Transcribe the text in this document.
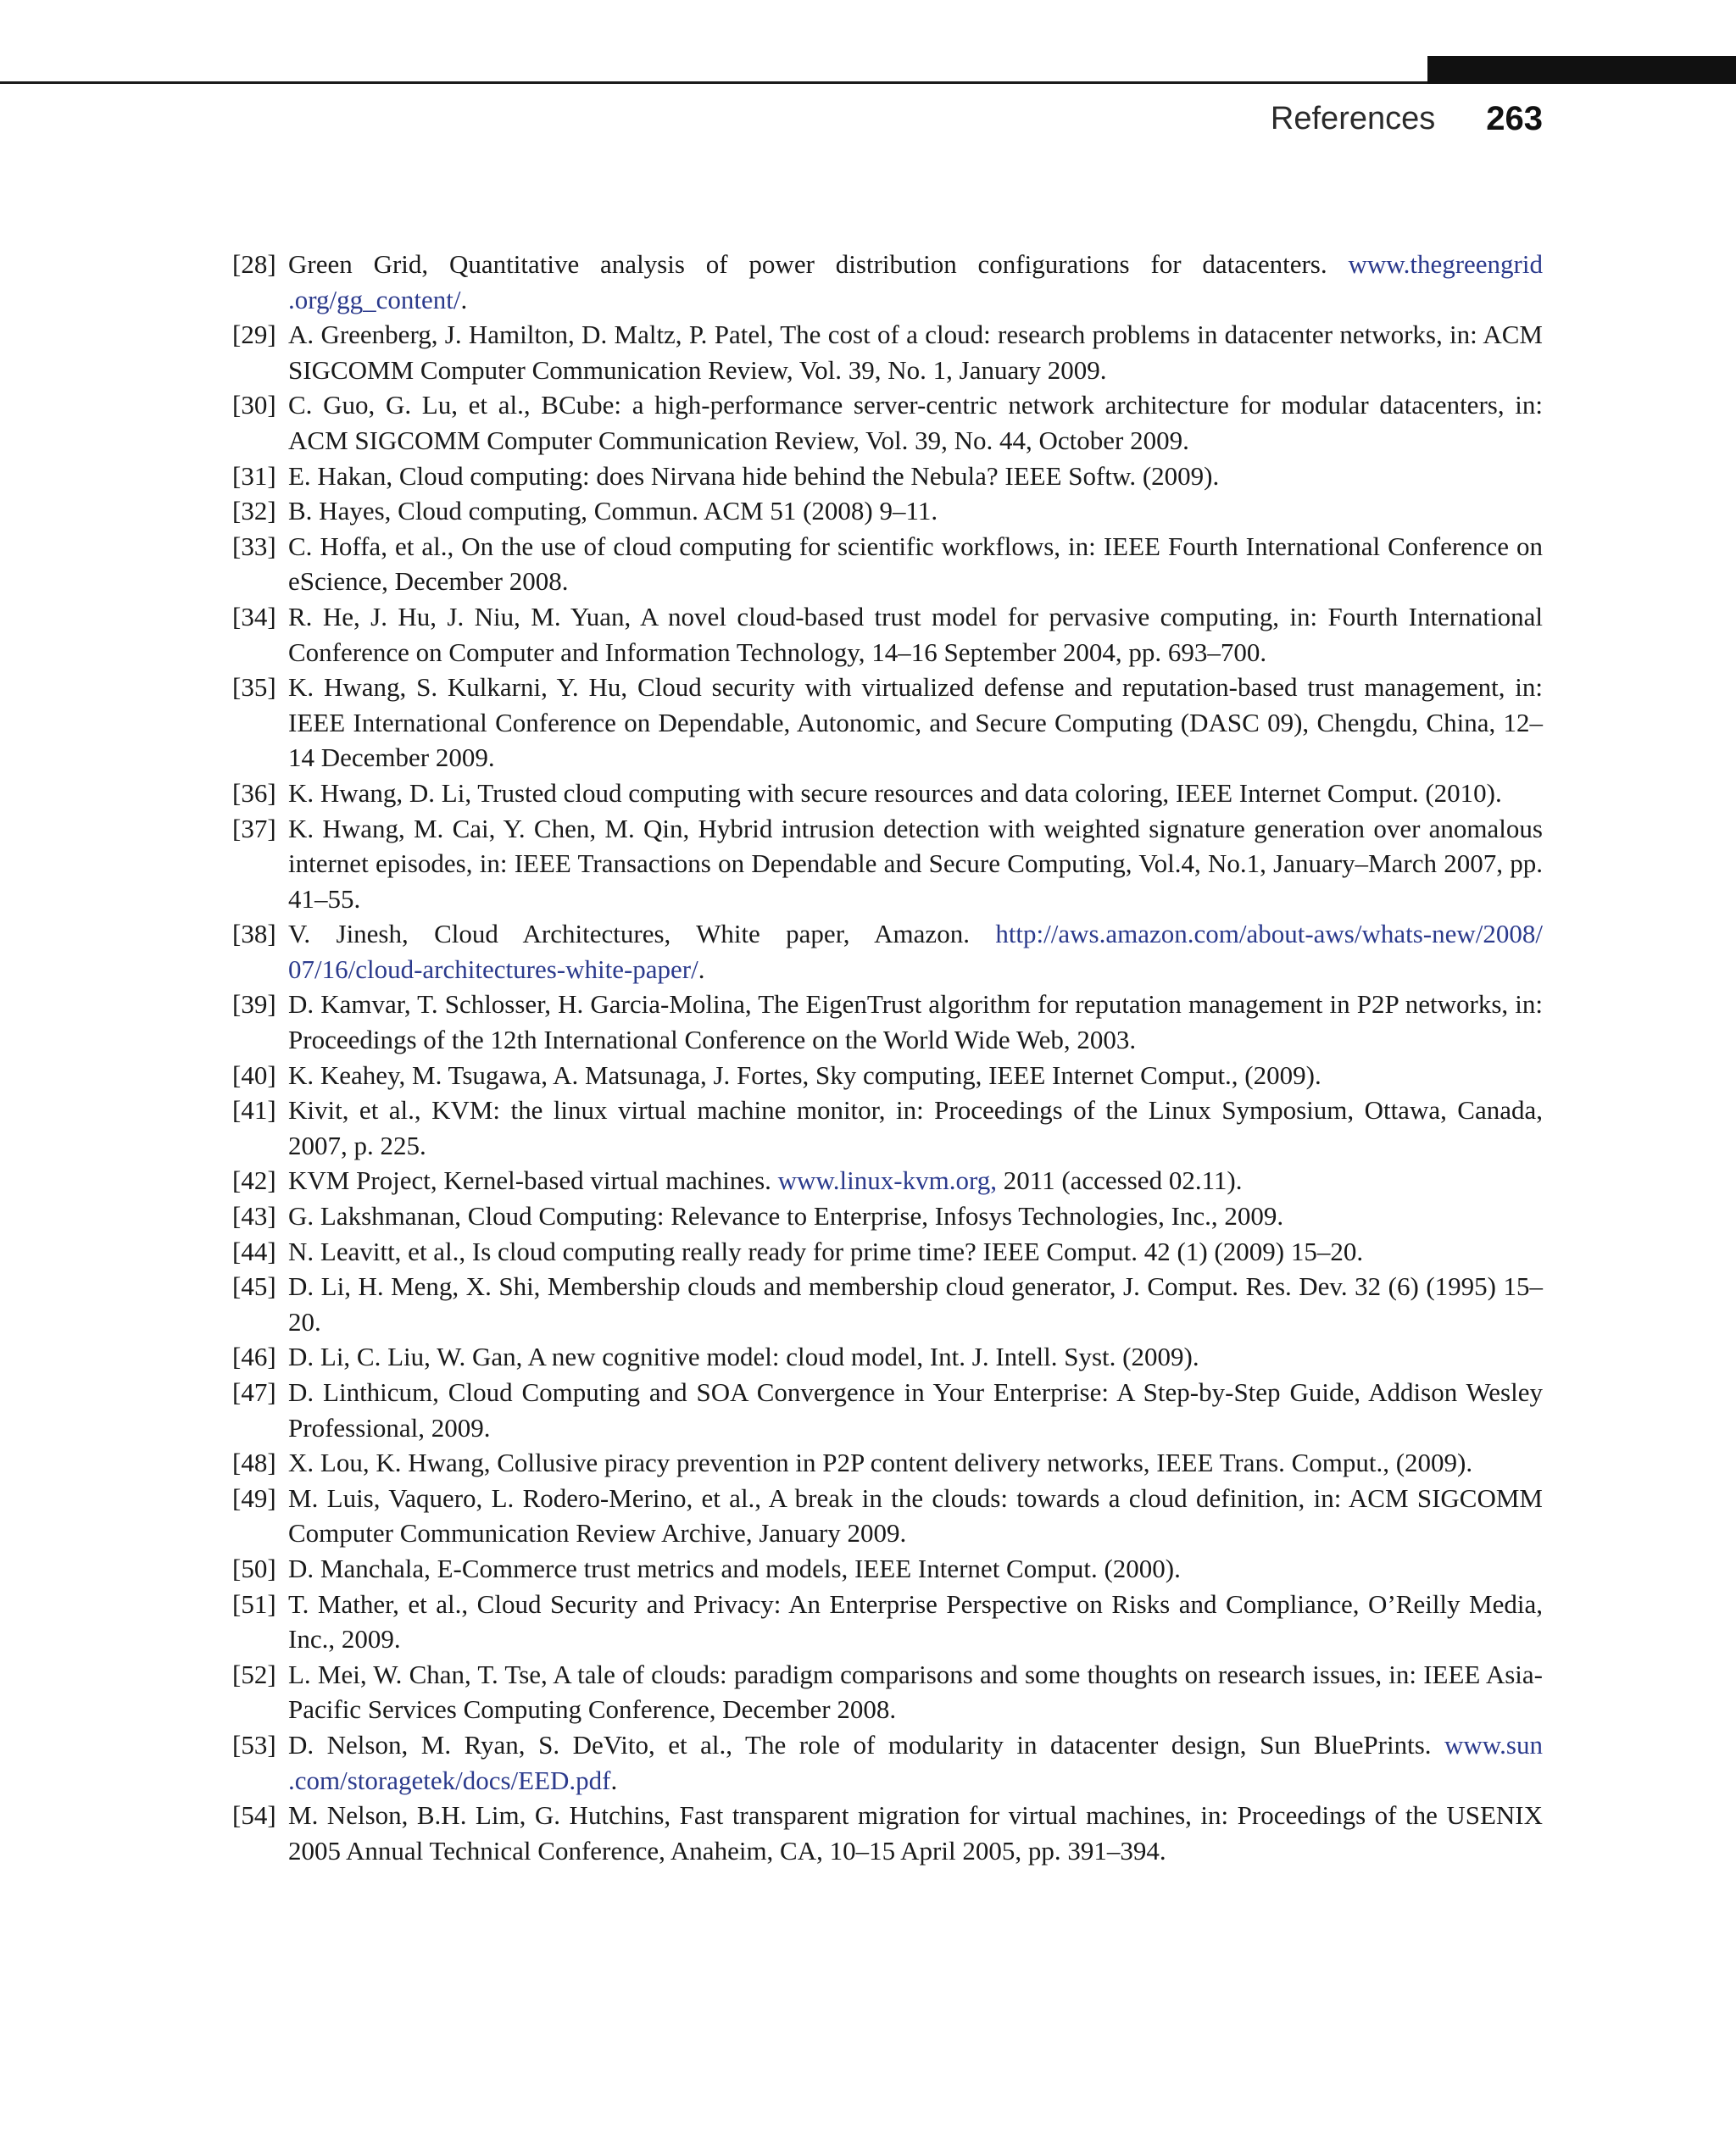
References 263
[28] Green Grid, Quantitative analysis of power distribution configurations for datacenters. www.thegreengrid .org/gg_content/.
[29] A. Greenberg, J. Hamilton, D. Maltz, P. Patel, The cost of a cloud: research problems in datacenter networks, in: ACM SIGCOMM Computer Communication Review, Vol. 39, No. 1, January 2009.
[30] C. Guo, G. Lu, et al., BCube: a high-performance server-centric network architecture for modular datacenters, in: ACM SIGCOMM Computer Communication Review, Vol. 39, No. 44, October 2009.
[31] E. Hakan, Cloud computing: does Nirvana hide behind the Nebula? IEEE Softw. (2009).
[32] B. Hayes, Cloud computing, Commun. ACM 51 (2008) 9–11.
[33] C. Hoffa, et al., On the use of cloud computing for scientific workflows, in: IEEE Fourth International Conference on eScience, December 2008.
[34] R. He, J. Hu, J. Niu, M. Yuan, A novel cloud-based trust model for pervasive computing, in: Fourth International Conference on Computer and Information Technology, 14–16 September 2004, pp. 693–700.
[35] K. Hwang, S. Kulkarni, Y. Hu, Cloud security with virtualized defense and reputation-based trust management, in: IEEE International Conference on Dependable, Autonomic, and Secure Computing (DASC 09), Chengdu, China, 12–14 December 2009.
[36] K. Hwang, D. Li, Trusted cloud computing with secure resources and data coloring, IEEE Internet Comput. (2010).
[37] K. Hwang, M. Cai, Y. Chen, M. Qin, Hybrid intrusion detection with weighted signature generation over anomalous internet episodes, in: IEEE Transactions on Dependable and Secure Computing, Vol.4, No.1, January–March 2007, pp. 41–55.
[38] V. Jinesh, Cloud Architectures, White paper, Amazon. http://aws.amazon.com/about-aws/whats-new/2008/ 07/16/cloud-architectures-white-paper/.
[39] D. Kamvar, T. Schlosser, H. Garcia-Molina, The EigenTrust algorithm for reputation management in P2P networks, in: Proceedings of the 12th International Conference on the World Wide Web, 2003.
[40] K. Keahey, M. Tsugawa, A. Matsunaga, J. Fortes, Sky computing, IEEE Internet Comput., (2009).
[41] Kivit, et al., KVM: the linux virtual machine monitor, in: Proceedings of the Linux Symposium, Ottawa, Canada, 2007, p. 225.
[42] KVM Project, Kernel-based virtual machines. www.linux-kvm.org, 2011 (accessed 02.11).
[43] G. Lakshmanan, Cloud Computing: Relevance to Enterprise, Infosys Technologies, Inc., 2009.
[44] N. Leavitt, et al., Is cloud computing really ready for prime time? IEEE Comput. 42 (1) (2009) 15–20.
[45] D. Li, H. Meng, X. Shi, Membership clouds and membership cloud generator, J. Comput. Res. Dev. 32 (6) (1995) 15–20.
[46] D. Li, C. Liu, W. Gan, A new cognitive model: cloud model, Int. J. Intell. Syst. (2009).
[47] D. Linthicum, Cloud Computing and SOA Convergence in Your Enterprise: A Step-by-Step Guide, Addison Wesley Professional, 2009.
[48] X. Lou, K. Hwang, Collusive piracy prevention in P2P content delivery networks, IEEE Trans. Comput., (2009).
[49] M. Luis, Vaquero, L. Rodero-Merino, et al., A break in the clouds: towards a cloud definition, in: ACM SIGCOMM Computer Communication Review Archive, January 2009.
[50] D. Manchala, E-Commerce trust metrics and models, IEEE Internet Comput. (2000).
[51] T. Mather, et al., Cloud Security and Privacy: An Enterprise Perspective on Risks and Compliance, O’Reilly Media, Inc., 2009.
[52] L. Mei, W. Chan, T. Tse, A tale of clouds: paradigm comparisons and some thoughts on research issues, in: IEEE Asia-Pacific Services Computing Conference, December 2008.
[53] D. Nelson, M. Ryan, S. DeVito, et al., The role of modularity in datacenter design, Sun BluePrints. www.sun .com/storagetek/docs/EED.pdf.
[54] M. Nelson, B.H. Lim, G. Hutchins, Fast transparent migration for virtual machines, in: Proceedings of the USENIX 2005 Annual Technical Conference, Anaheim, CA, 10–15 April 2005, pp. 391–394.
